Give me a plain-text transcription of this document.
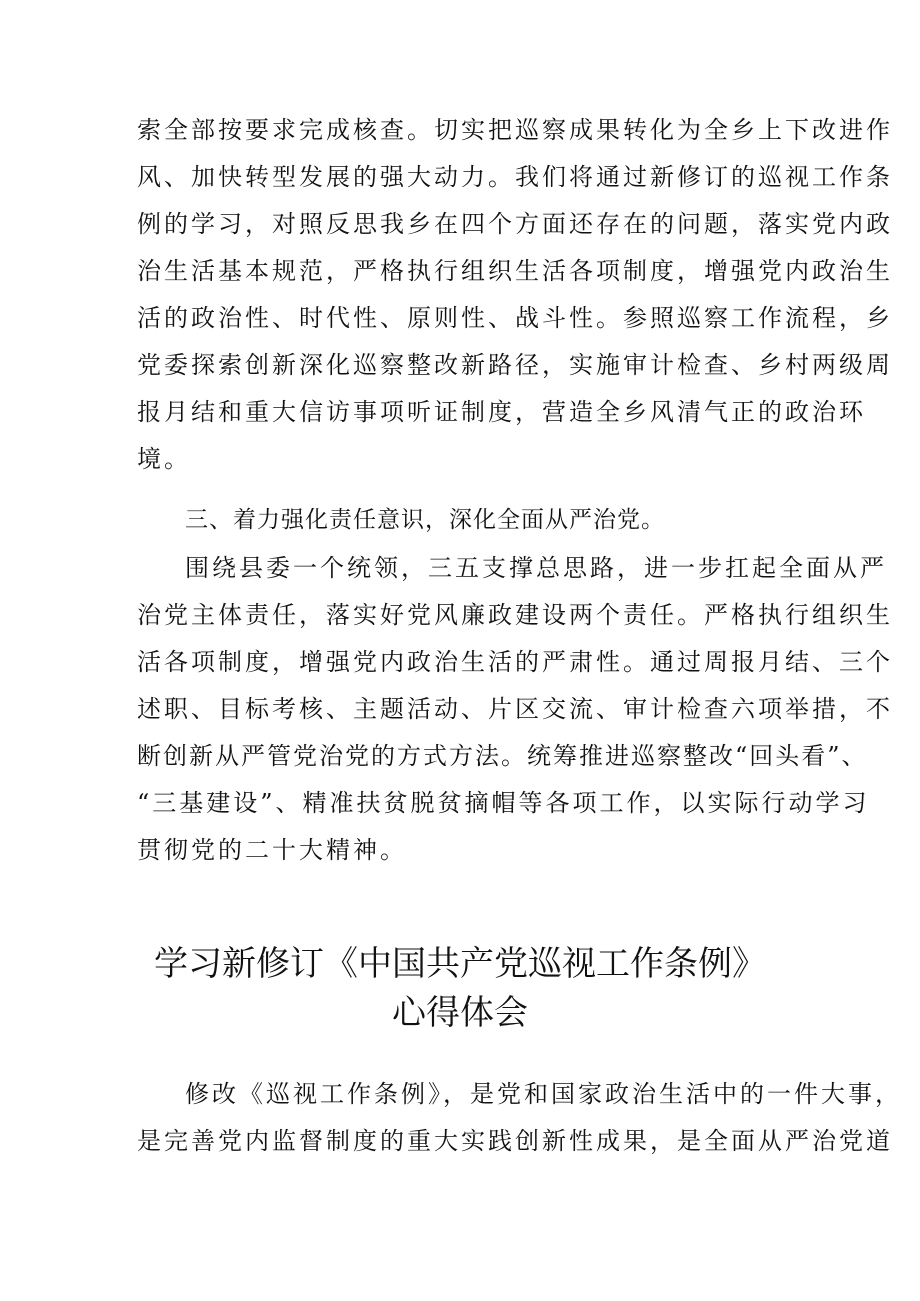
索全部按要求完成核查。切实把巡察成果转化为全乡上下改进作
风、加快转型发展的强大动力。我们将通过新修订的巡视工作条
例的学习，对照反思我乡在四个方面还存在的问题，落实党内政
治生活基本规范，严格执行组织生活各项制度，增强党内政治生
活的政治性、时代性、原则性、战斗性。参照巡察工作流程，乡
党委探索创新深化巡察整改新路径，实施审计检查、乡村两级周
报月结和重大信访事项听证制度，营造全乡风清气正的政治环
境。
三、着力强化责任意识，深化全面从严治党。
围绕县委一个统领，三五支撑总思路，进一步扛起全面从严
治党主体责任，落实好党风廉政建设两个责任。严格执行组织生
活各项制度，增强党内政治生活的严肃性。通过周报月结、三个
述职、目标考核、主题活动、片区交流、审计检查六项举措，不
断创新从严管党治党的方式方法。统筹推进巡察整改“回头看”、
“三基建设”、精准扶贫脱贫摘帽等各项工作，以实际行动学习
贯彻党的二十大精神。
学习新修订《中国共产党巡视工作条例》
心得体会
修改《巡视工作条例》，是党和国家政治生活中的一件大事，
是完善党内监督制度的重大实践创新性成果，是全面从严治党道
